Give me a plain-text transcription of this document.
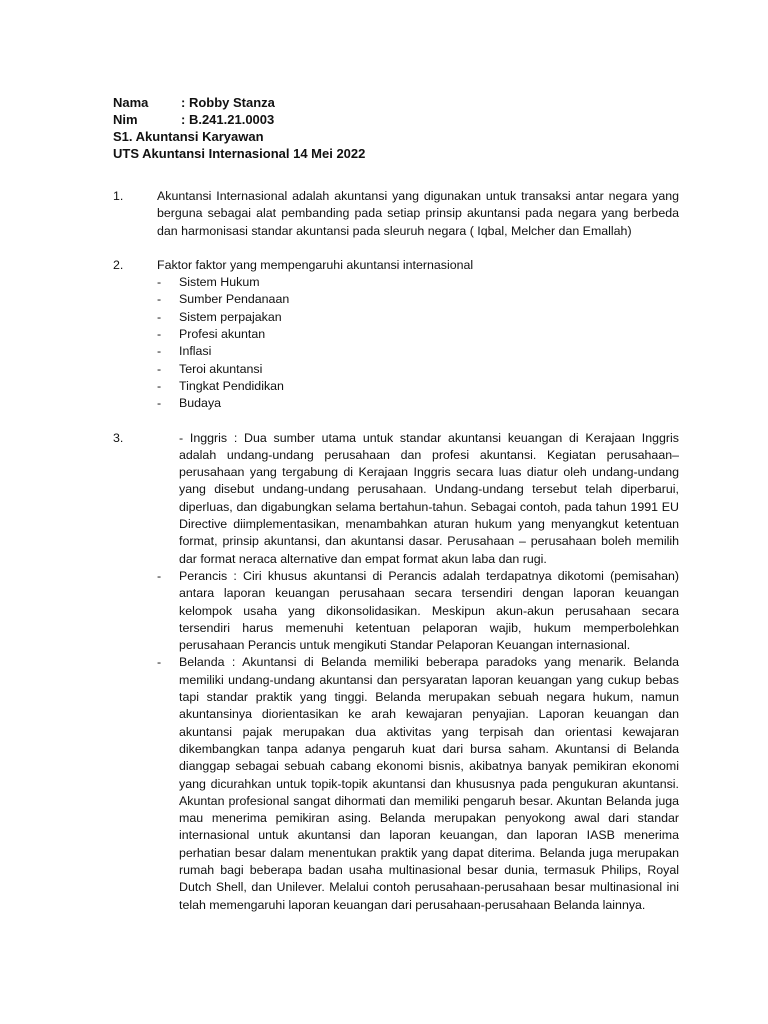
Nama	: Robby Stanza
Nim	: B.241.21.0003
S1. Akuntansi Karyawan
UTS Akuntansi Internasional 14 Mei 2022
1.	Akuntansi Internasional adalah akuntansi yang digunakan untuk transaksi antar negara yang berguna sebagai alat pembanding pada setiap prinsip akuntansi pada negara yang berbeda dan harmonisasi standar akuntansi pada sleuruh negara ( Iqbal, Melcher dan Emallah)
2.	Faktor faktor yang mempengaruhi akuntansi internasional
-	Sistem Hukum
-	Sumber Pendanaan
-	Sistem perpajakan
-	Profesi akuntan
-	Inflasi
-	Teroi akuntansi
-	Tingkat Pendidikan
-	Budaya
3.	- Inggris : Dua sumber utama untuk standar akuntansi keuangan di Kerajaan Inggris adalah undang-undang perusahaan dan profesi akuntansi. Kegiatan perusahaan–perusahaan yang tergabung di Kerajaan Inggris secara luas diatur oleh undang-undang yang disebut undang-undang perusahaan. Undang-undang tersebut telah diperbarui, diperluas, dan digabungkan selama bertahun-tahun. Sebagai contoh, pada tahun 1991 EU Directive diimplementasikan, menambahkan aturan hukum yang menyangkut ketentuan format, prinsip akuntansi, dan akuntansi dasar. Perusahaan – perusahaan boleh memilih dar format neraca alternative dan empat format akun laba dan rugi.
-	Perancis : Ciri khusus akuntansi di Perancis adalah terdapatnya dikotomi (pemisahan) antara laporan keuangan perusahaan secara tersendiri dengan laporan keuangan kelompok usaha yang dikonsolidasikan. Meskipun akun-akun perusahaan secara tersendiri harus memenuhi ketentuan pelaporan wajib, hukum memperbolehkan perusahaan Perancis untuk mengikuti Standar Pelaporan Keuangan internasional.
-	Belanda : Akuntansi di Belanda memiliki beberapa paradoks yang menarik. Belanda memiliki undang-undang akuntansi dan persyaratan laporan keuangan yang cukup bebas tapi standar praktik yang tinggi. Belanda merupakan sebuah negara hukum, namun akuntansinya diorientasikan ke arah kewajaran penyajian. Laporan keuangan dan akuntansi pajak merupakan dua aktivitas yang terpisah dan orientasi kewajaran dikembangkan tanpa adanya pengaruh kuat dari bursa saham. Akuntansi di Belanda dianggap sebagai sebuah cabang ekonomi bisnis, akibatnya banyak pemikiran ekonomi yang dicurahkan untuk topik-topik akuntansi dan khususnya pada pengukuran akuntansi. Akuntan profesional sangat dihormati dan memiliki pengaruh besar. Akuntan Belanda juga mau menerima pemikiran asing. Belanda merupakan penyokong awal dari standar internasional untuk akuntansi dan laporan keuangan, dan laporan IASB menerima perhatian besar dalam menentukan praktik yang dapat diterima. Belanda juga merupakan rumah bagi beberapa badan usaha multinasional besar dunia, termasuk Philips, Royal Dutch Shell, dan Unilever. Melalui contoh perusahaan-perusahaan besar multinasional ini telah memengaruhi laporan keuangan dari perusahaan-perusahaan Belanda lainnya.
